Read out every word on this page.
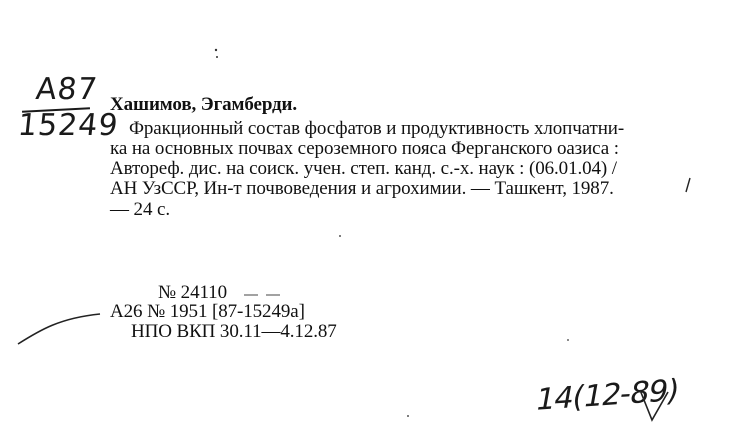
A87
15249
Хашимов, Эгамберди.
Фракционный состав фосфатов и продуктивность хлопчатни-
ка на основных почвах сероземного пояса Ферганского оазиса :
Автореф. дис. на соиск. учен. степ. канд. с.-х. наук : (06.01.04) /
АН УзССР, Ин-т почвоведения и агрохимии. — Ташкент, 1987.
— 24 с.
№ 24110
А26 № 1951 [87-15249а]
НПО ВКП 30.11—4.12.87
14(12-89)
